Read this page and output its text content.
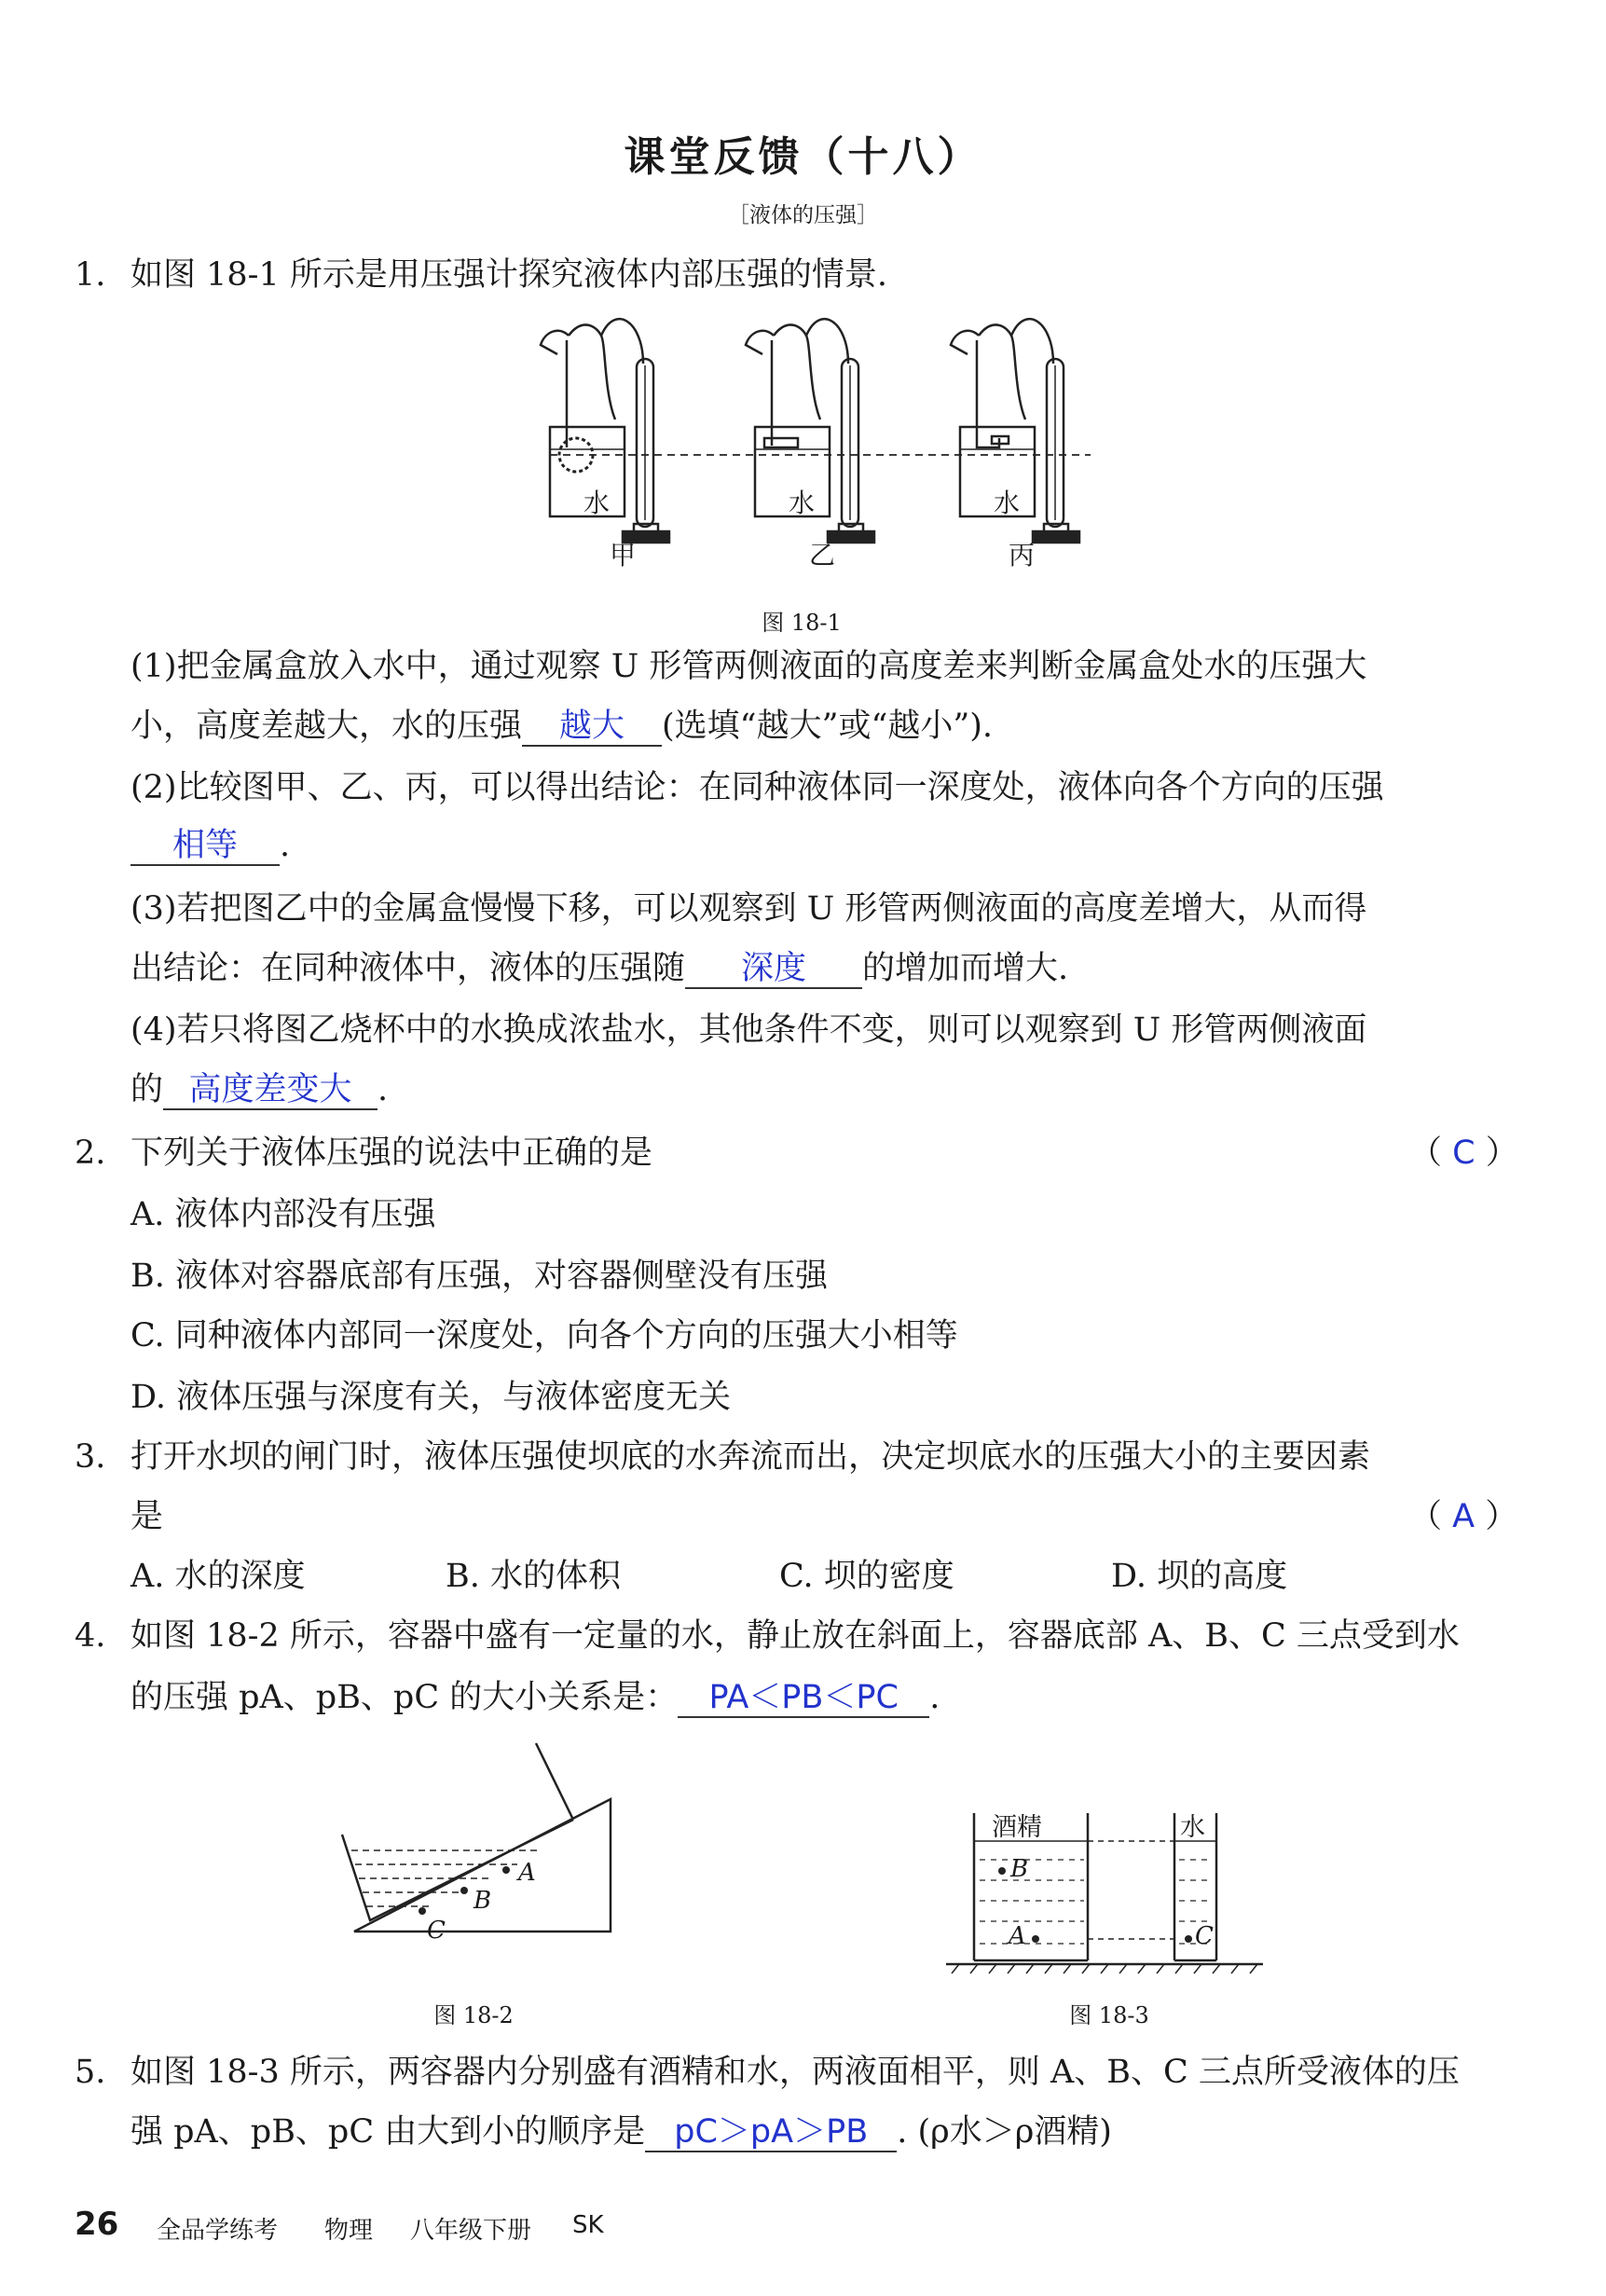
课堂反馈（十八）
［液体的压强］
1. 如图 18-1 所示是用压强计探究液体内部压强的情景.
水	水	水
甲	乙	丙
图 18-1
(1)把金属盒放入水中，通过观察 U 形管两侧液面的高度差来判断金属盒处水的压强大
小，高度差越大，水的压强 越大 (选填“越大”或“越小”).
(2)比较图甲、乙、丙，可以得出结论：在同种液体同一深度处，液体向各个方向的压强
相等 .
(3)若把图乙中的金属盒慢慢下移，可以观察到 U 形管两侧液面的高度差增大，从而得
出结论：在同种液体中，液体的压强随 深度 的增加而增大.
(4)若只将图乙烧杯中的水换成浓盐水，其他条件不变，则可以观察到 U 形管两侧液面
的 高度差变大 .
2. 下列关于液体压强的说法中正确的是	（ C ）
A. 液体内部没有压强
B. 液体对容器底部有压强，对容器侧壁没有压强
C. 同种液体内部同一深度处，向各个方向的压强大小相等
D. 液体压强与深度有关，与液体密度无关
3. 打开水坝的闸门时，液体压强使坝底的水奔流而出，决定坝底水的压强大小的主要因素
是	（ A ）
A. 水的深度	B. 水的体积	C. 坝的密度	D. 坝的高度
4. 如图 18-2 所示，容器中盛有一定量的水，静止放在斜面上，容器底部 A、B、C 三点受到水
的压强 pA、pB、pC 的大小关系是： PA＜PB＜PC .
A
B
C
图 18-2
酒精	水
B
A	C
图 18-3
5. 如图 18-3 所示，两容器内分别盛有酒精和水，两液面相平，则 A、B、C 三点所受液体的压
强 pA、pB、pC 由大到小的顺序是 pC＞pA＞PB . (ρ水＞ρ酒精)
26 全品学练考 物理 八年级下册 SK
